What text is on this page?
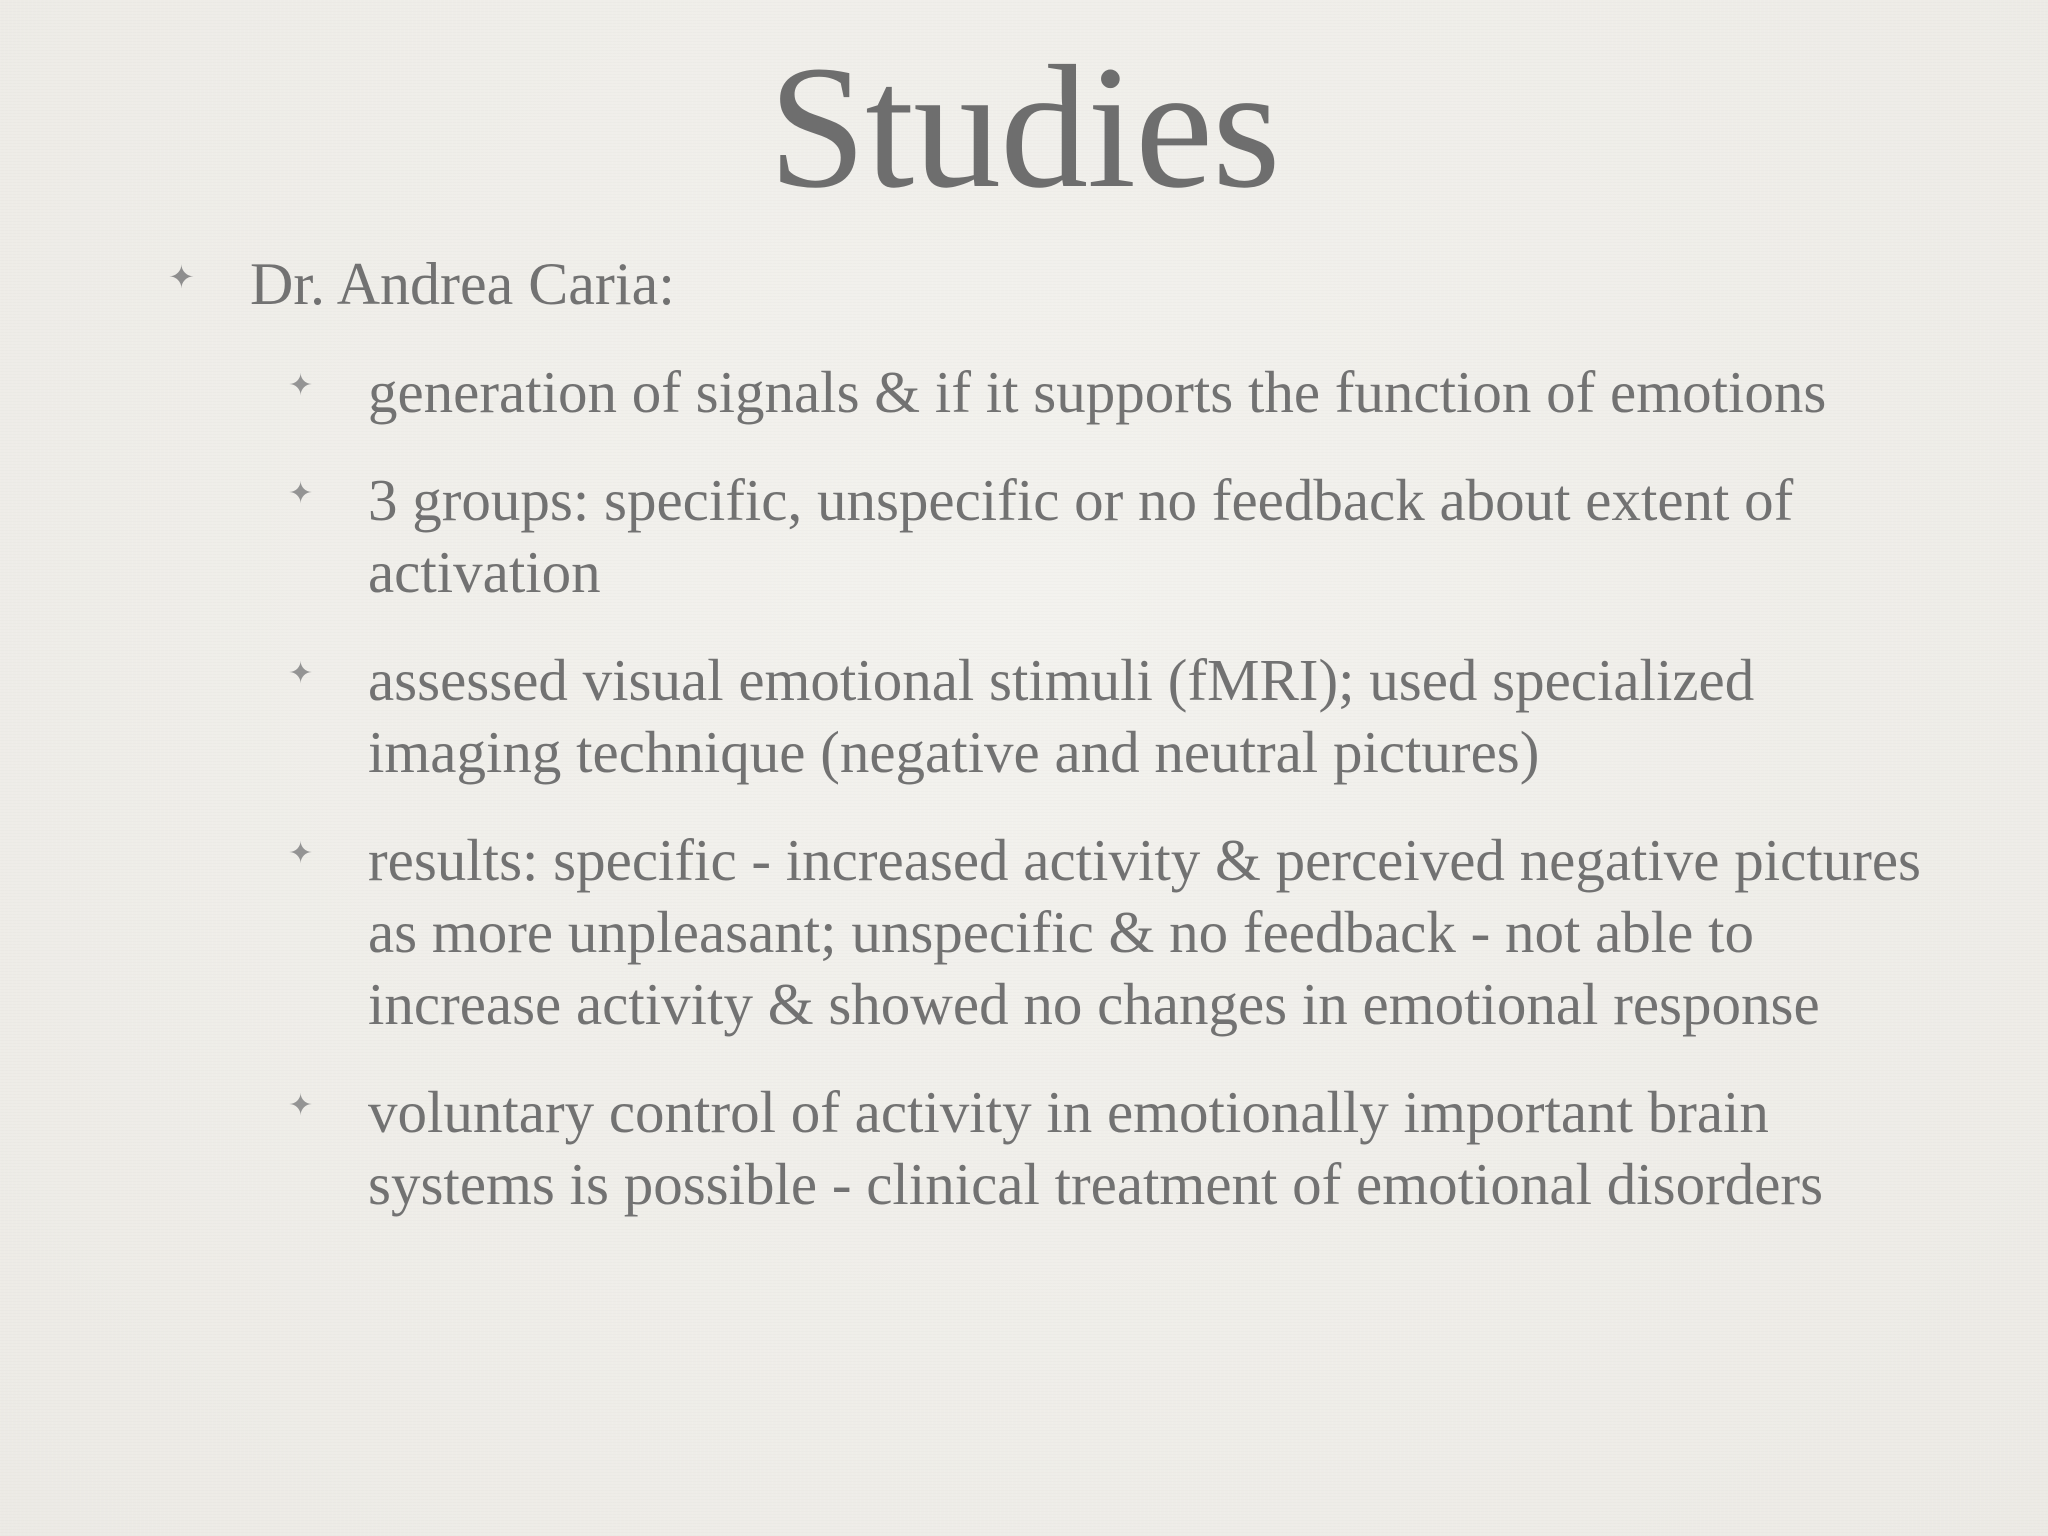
Studies
✦ Dr. Andrea Caria:
✦ generation of signals & if it supports the function of emotions
✦ 3 groups: specific, unspecific or no feedback about extent of activation
✦ assessed visual emotional stimuli (fMRI); used specialized imaging technique (negative and neutral pictures)
✦ results: specific - increased activity & perceived negative pictures as more unpleasant; unspecific & no feedback - not able to increase activity & showed no changes in emotional response
✦ voluntary control of activity in emotionally important brain systems is possible - clinical treatment of emotional disorders
